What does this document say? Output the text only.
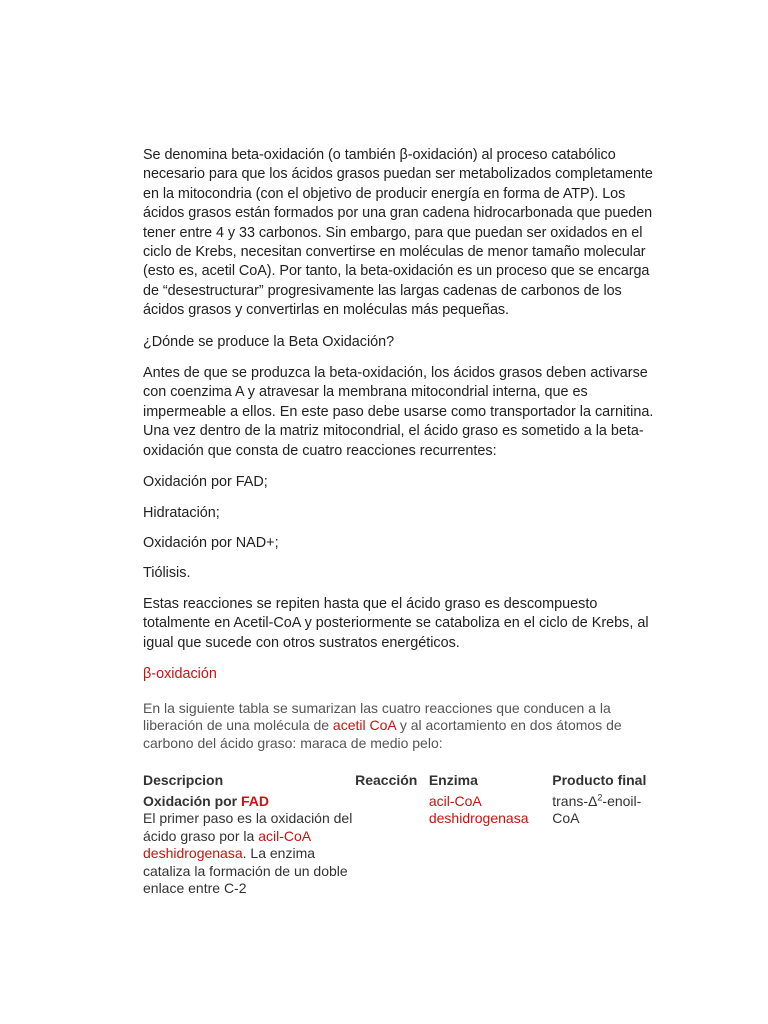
Se denomina beta-oxidación (o también β-oxidación) al proceso catabólico necesario para que los ácidos grasos puedan ser metabolizados completamente en la mitocondria (con el objetivo de producir energía en forma de ATP). Los ácidos grasos están formados por una gran cadena hidrocarbonada que pueden tener entre 4 y 33 carbonos. Sin embargo, para que puedan ser oxidados en el ciclo de Krebs, necesitan convertirse en moléculas de menor tamaño molecular (esto es, acetil CoA). Por tanto, la beta-oxidación es un proceso que se encarga de “desestructurar” progresivamente las largas cadenas de carbonos de los ácidos grasos y convertirlas en moléculas más pequeñas.

¿Dónde se produce la Beta Oxidación?

Antes de que se produzca la beta-oxidación, los ácidos grasos deben activarse con coenzima A y atravesar la membrana mitocondrial interna, que es impermeable a ellos. En este paso debe usarse como transportador la carnitina. Una vez dentro de la matriz mitocondrial, el ácido graso es sometido a la beta-oxidación que consta de cuatro reacciones recurrentes:

Oxidación por FAD;

Hidratación;

Oxidación por NAD+;

Tiólisis.

Estas reacciones se repiten hasta que el ácido graso es descompuesto totalmente en Acetil-CoA y posteriormente se cataboliza en el ciclo de Krebs, al igual que sucede con otros sustratos energéticos.

β-oxidación
En la siguiente tabla se sumarizan las cuatro reacciones que conducen a la liberación de una molécula de acetil CoA y al acortamiento en dos átomos de carbono del ácido graso: maraca de medio pelo:
Descripcion	Reacción	Enzima	Producto final

Oxidación por FAD
El primer paso es la oxidación del ácido graso por la acil-CoA deshidrogenasa. La enzima cataliza la formación de un doble enlace entre C-2		acil-CoA deshidrogenasa	trans-$\Delta^2-enoil$-CoA
